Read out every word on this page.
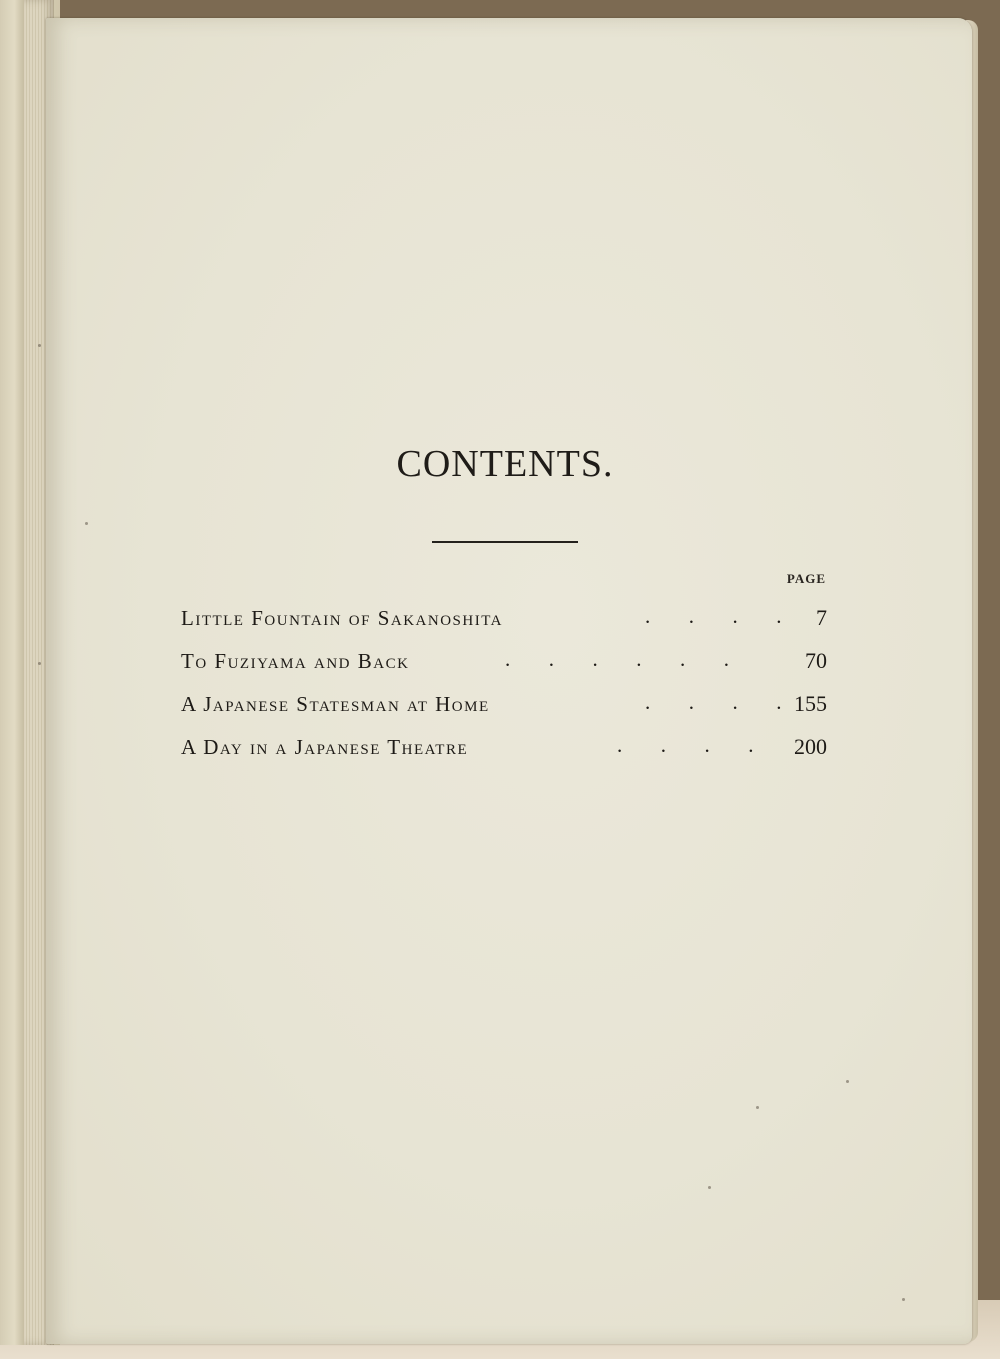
CONTENTS.
PAGE
Little Fountain of Sakanoshita	.      .      .      . 7
To Fuziyama and Back	.      .      .      .      .      .	70
A Japanese Statesman at Home	.      .      .      . 155
A Day in a Japanese Theatre	.      .      .      . 200
